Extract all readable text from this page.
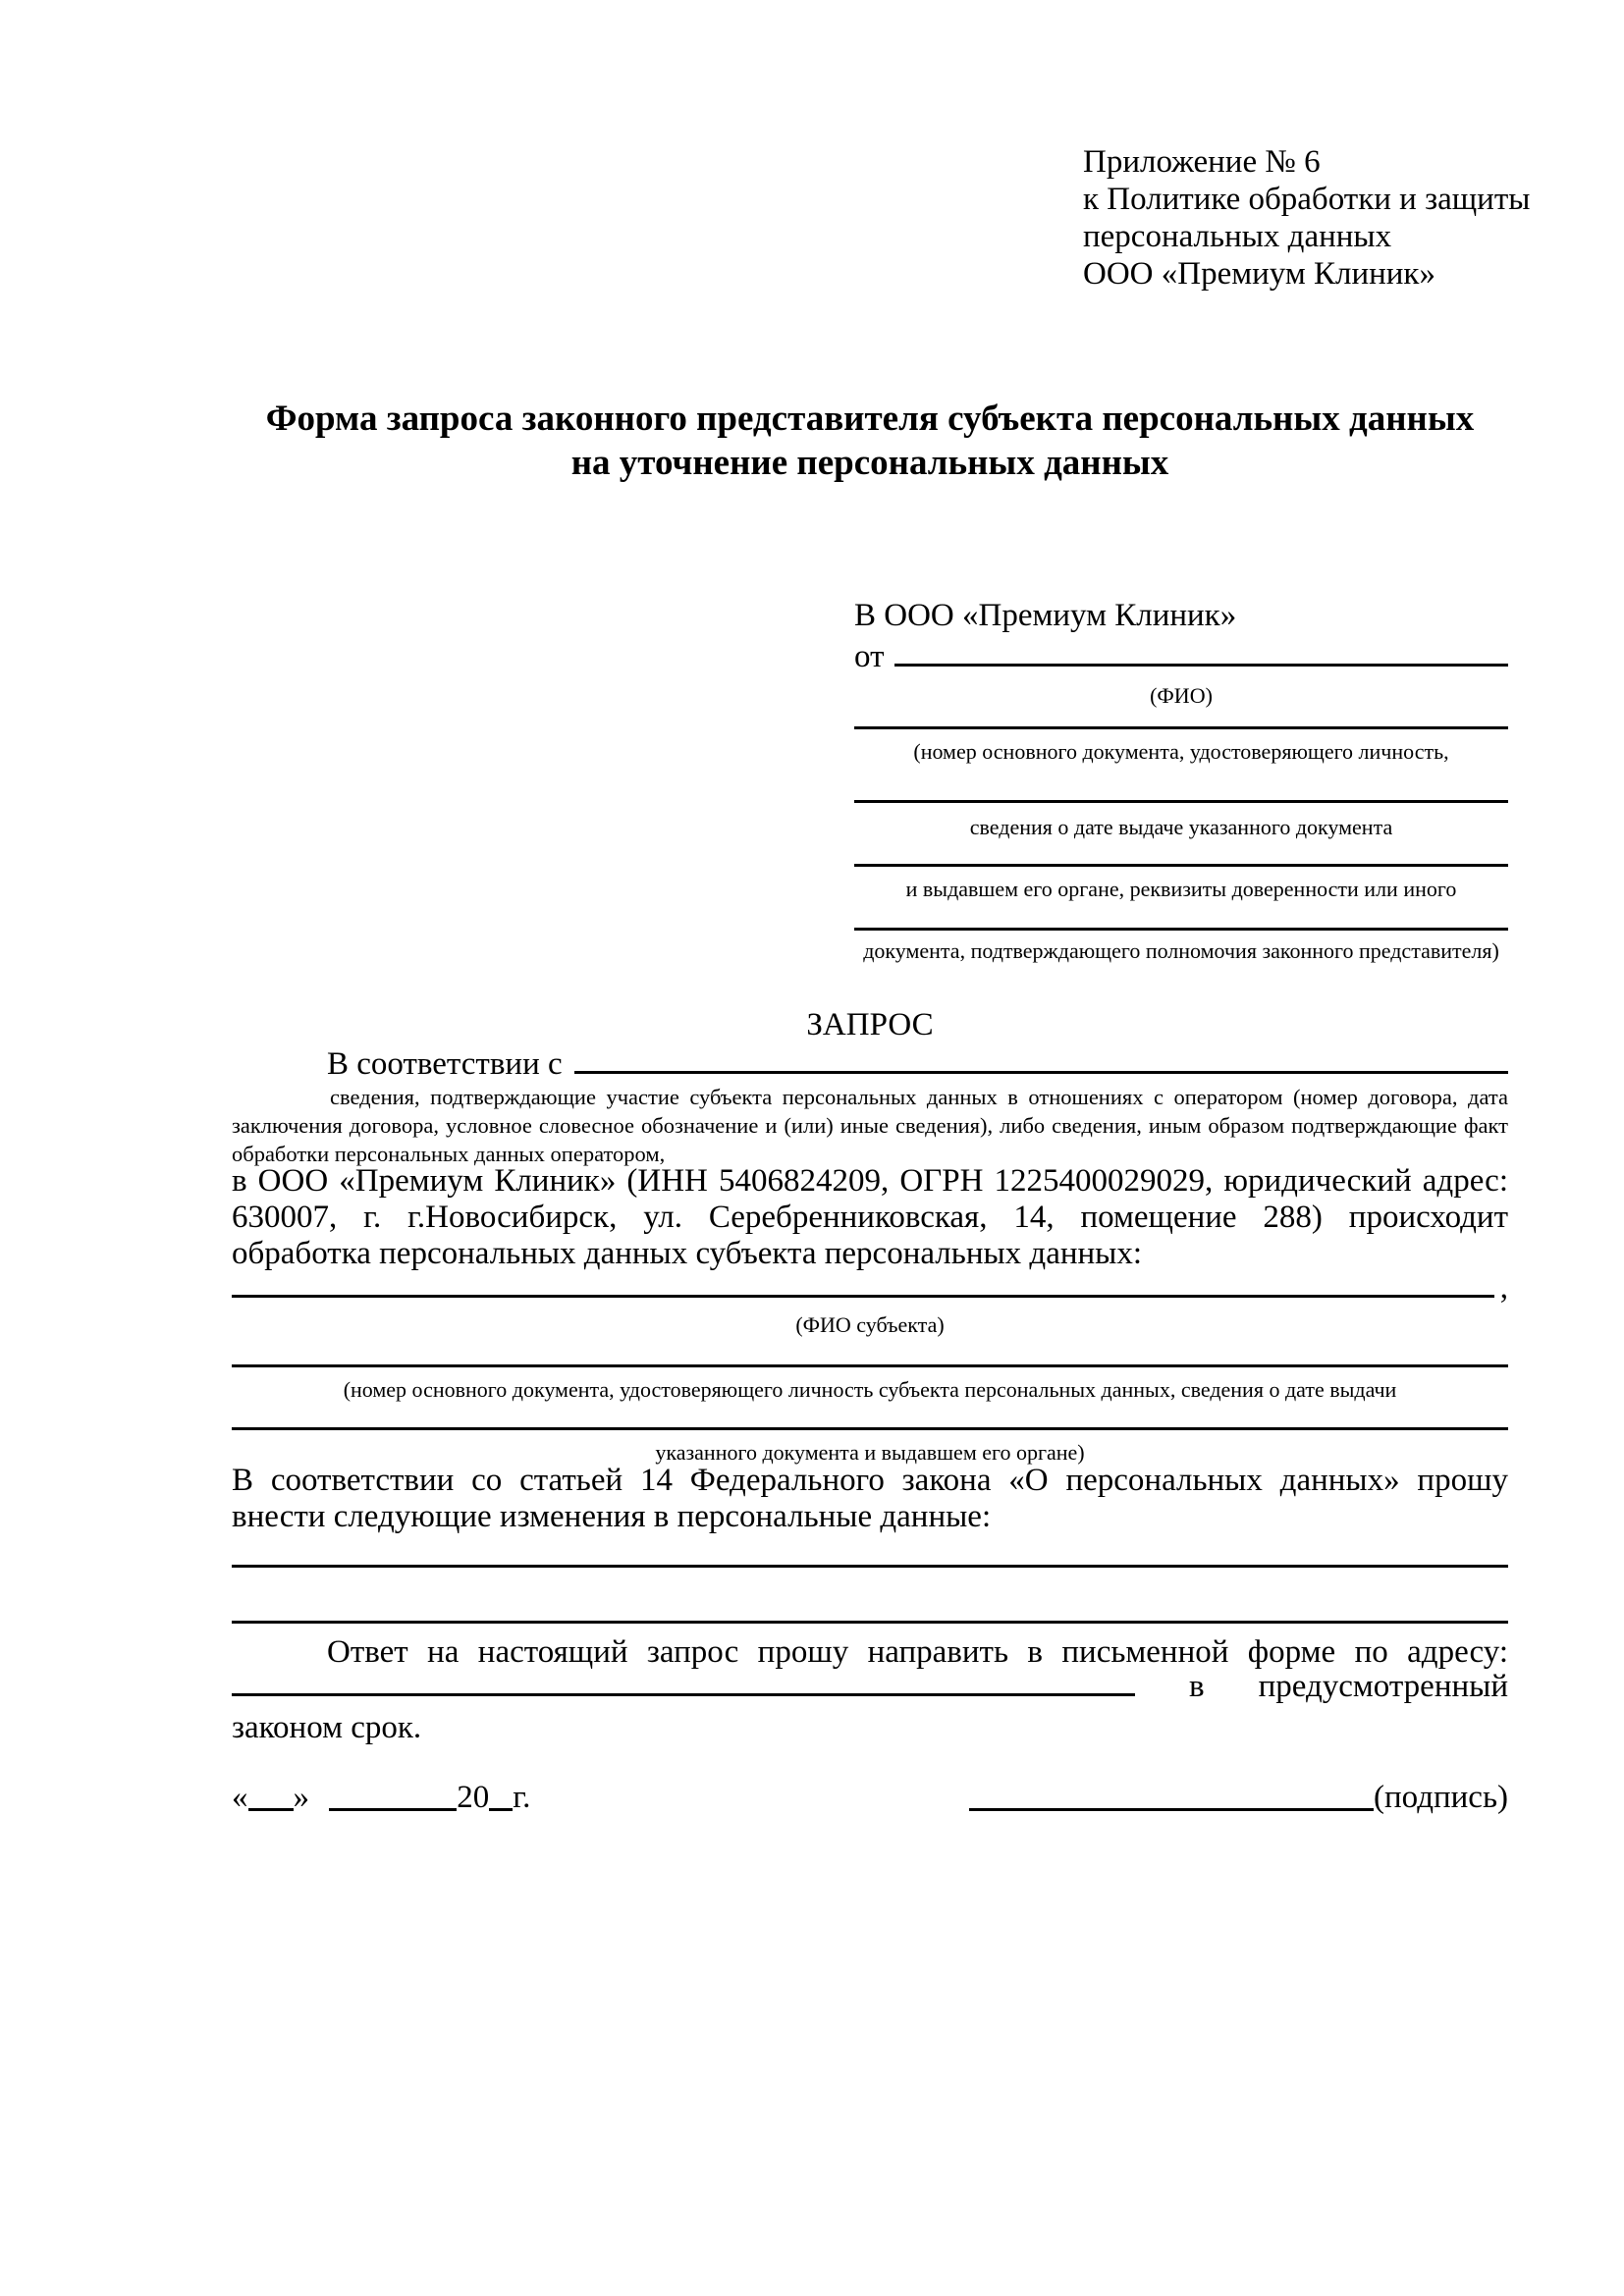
Приложение № 6
к Политике обработки и защиты
персональных данных
ООО «Премиум Клиник»
Форма запроса законного представителя субъекта персональных данных
на уточнение персональных данных
В ООО «Премиум Клиник»
от
(ФИО)
(номер основного документа, удостоверяющего личность,
сведения о дате выдаче указанного документа
и выдавшем его органе, реквизиты доверенности или иного
документа, подтверждающего полномочия законного представителя)
ЗАПРОС
В соответствии с
сведения, подтверждающие участие субъекта персональных данных в отношениях с оператором (номер договора, дата заключения договора, условное словесное обозначение и (или) иные сведения), либо сведения, иным образом подтверждающие факт обработки персональных данных оператором,
в ООО «Премиум Клиник» (ИНН 5406824209, ОГРН 1225400029029, юридический адрес: 630007, г. г.Новосибирск, ул. Серебренниковская, 14, помещение 288) происходит обработка персональных данных субъекта персональных данных:
,
(ФИО субъекта)
(номер основного документа, удостоверяющего личность субъекта персональных данных, сведения о дате выдачи
указанного документа и выдавшем его органе)
В соответствии со статьей 14 Федерального закона «О персональных данных» прошу внести следующие изменения в персональные данные:
Ответ на настоящий запрос прошу направить в письменной форме по адресу:
в предусмотренный
законом срок.
« »	20 г.	(подпись)
